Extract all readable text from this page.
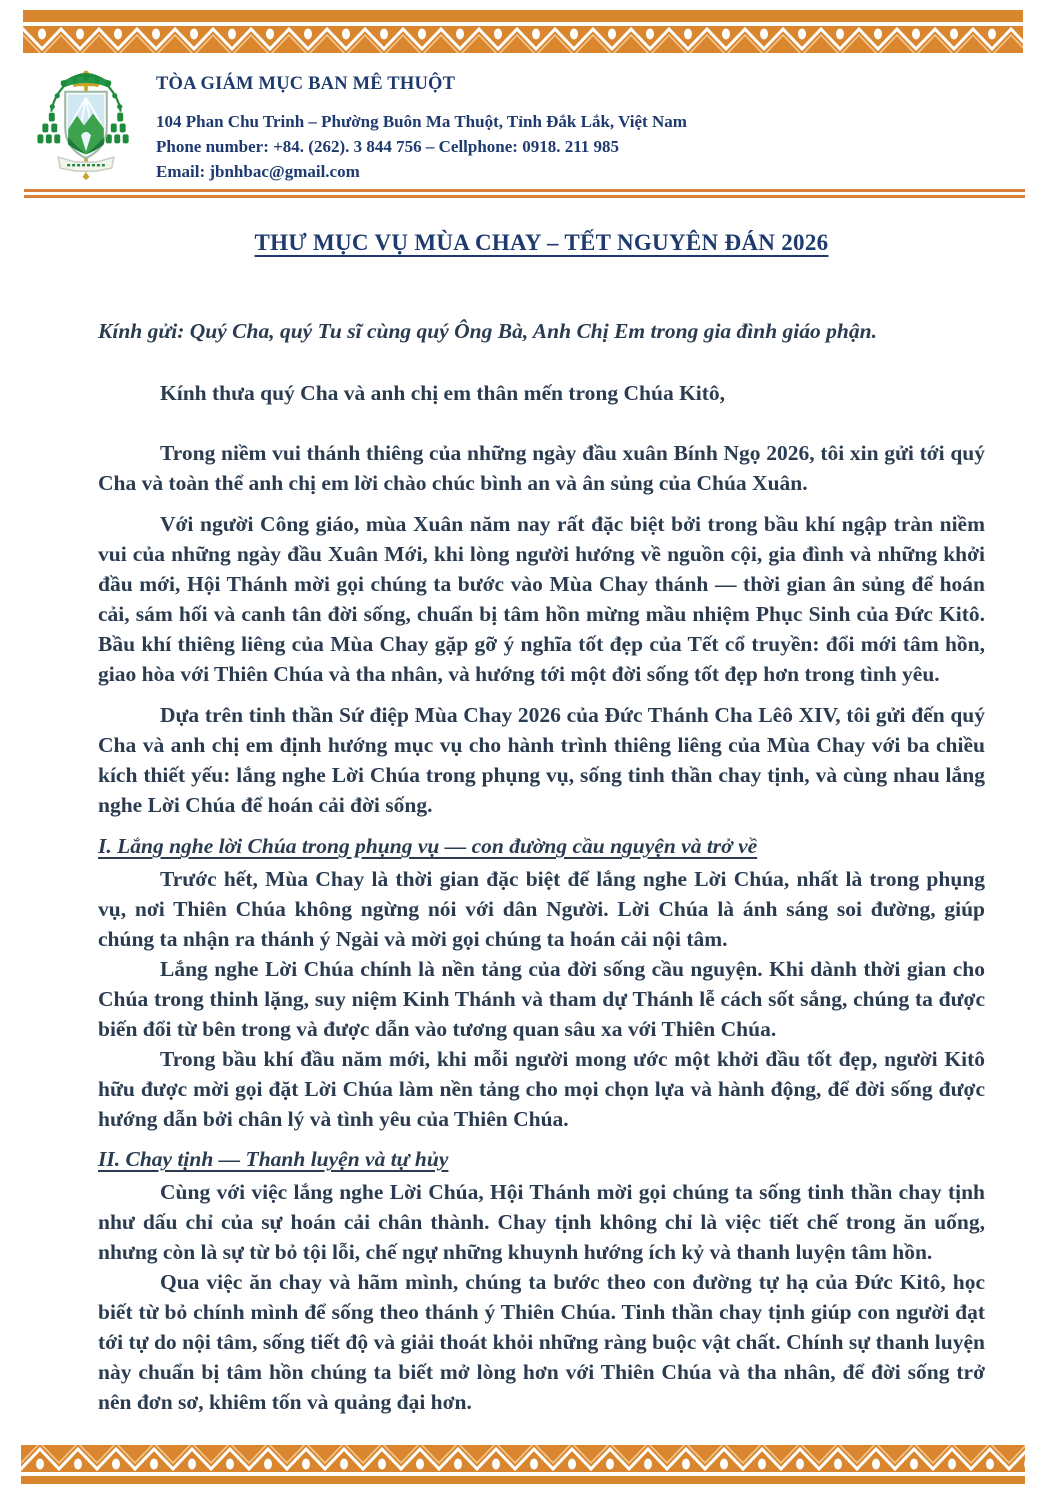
TÒA GIÁM MỤC BAN MÊ THUỘT
104 Phan Chu Trinh – Phường Buôn Ma Thuột, Tỉnh Đắk Lắk, Việt Nam
Phone number: +84. (262). 3 844 756 – Cellphone: 0918. 211 985
Email: jbnhbac@gmail.com
THƯ MỤC VỤ MÙA CHAY – TẾT NGUYÊN ĐÁN 2026

Kính gửi: Quý Cha, quý Tu sĩ cùng quý Ông Bà, Anh Chị Em trong gia đình giáo phận.

Kính thưa quý Cha và anh chị em thân mến trong Chúa Kitô,

Trong niềm vui thánh thiêng của những ngày đầu xuân Bính Ngọ 2026, tôi xin gửi tới quý Cha và toàn thể anh chị em lời chào chúc bình an và ân sủng của Chúa Xuân.

Với người Công giáo, mùa Xuân năm nay rất đặc biệt bởi trong bầu khí ngập tràn niềm vui của những ngày đầu Xuân Mới, khi lòng người hướng về nguồn cội, gia đình và những khởi đầu mới, Hội Thánh mời gọi chúng ta bước vào Mùa Chay thánh — thời gian ân sủng để hoán cải, sám hối và canh tân đời sống, chuẩn bị tâm hồn mừng mầu nhiệm Phục Sinh của Đức Kitô. Bầu khí thiêng liêng của Mùa Chay gặp gỡ ý nghĩa tốt đẹp của Tết cổ truyền: đổi mới tâm hồn, giao hòa với Thiên Chúa và tha nhân, và hướng tới một đời sống tốt đẹp hơn trong tình yêu.

Dựa trên tinh thần Sứ điệp Mùa Chay 2026 của Đức Thánh Cha Lêô XIV, tôi gửi đến quý Cha và anh chị em định hướng mục vụ cho hành trình thiêng liêng của Mùa Chay với ba chiều kích thiết yếu: lắng nghe Lời Chúa trong phụng vụ, sống tinh thần chay tịnh, và cùng nhau lắng nghe Lời Chúa để hoán cải đời sống.

I. Lắng nghe lời Chúa trong phụng vụ — con đường cầu nguyện và trở về

Trước hết, Mùa Chay là thời gian đặc biệt để lắng nghe Lời Chúa, nhất là trong phụng vụ, nơi Thiên Chúa không ngừng nói với dân Người. Lời Chúa là ánh sáng soi đường, giúp chúng ta nhận ra thánh ý Ngài và mời gọi chúng ta hoán cải nội tâm.

Lắng nghe Lời Chúa chính là nền tảng của đời sống cầu nguyện. Khi dành thời gian cho Chúa trong thinh lặng, suy niệm Kinh Thánh và tham dự Thánh lễ cách sốt sắng, chúng ta được biến đổi từ bên trong và được dẫn vào tương quan sâu xa với Thiên Chúa.

Trong bầu khí đầu năm mới, khi mỗi người mong ước một khởi đầu tốt đẹp, người Kitô hữu được mời gọi đặt Lời Chúa làm nền tảng cho mọi chọn lựa và hành động, để đời sống được hướng dẫn bởi chân lý và tình yêu của Thiên Chúa.

II. Chay tịnh — Thanh luyện và tự hủy

Cùng với việc lắng nghe Lời Chúa, Hội Thánh mời gọi chúng ta sống tinh thần chay tịnh như dấu chỉ của sự hoán cải chân thành. Chay tịnh không chỉ là việc tiết chế trong ăn uống, nhưng còn là sự từ bỏ tội lỗi, chế ngự những khuynh hướng ích kỷ và thanh luyện tâm hồn.

Qua việc ăn chay và hãm mình, chúng ta bước theo con đường tự hạ của Đức Kitô, học biết từ bỏ chính mình để sống theo thánh ý Thiên Chúa. Tinh thần chay tịnh giúp con người đạt tới tự do nội tâm, sống tiết độ và giải thoát khỏi những ràng buộc vật chất. Chính sự thanh luyện này chuẩn bị tâm hồn chúng ta biết mở lòng hơn với Thiên Chúa và tha nhân, để đời sống trở nên đơn sơ, khiêm tốn và quảng đại hơn.
